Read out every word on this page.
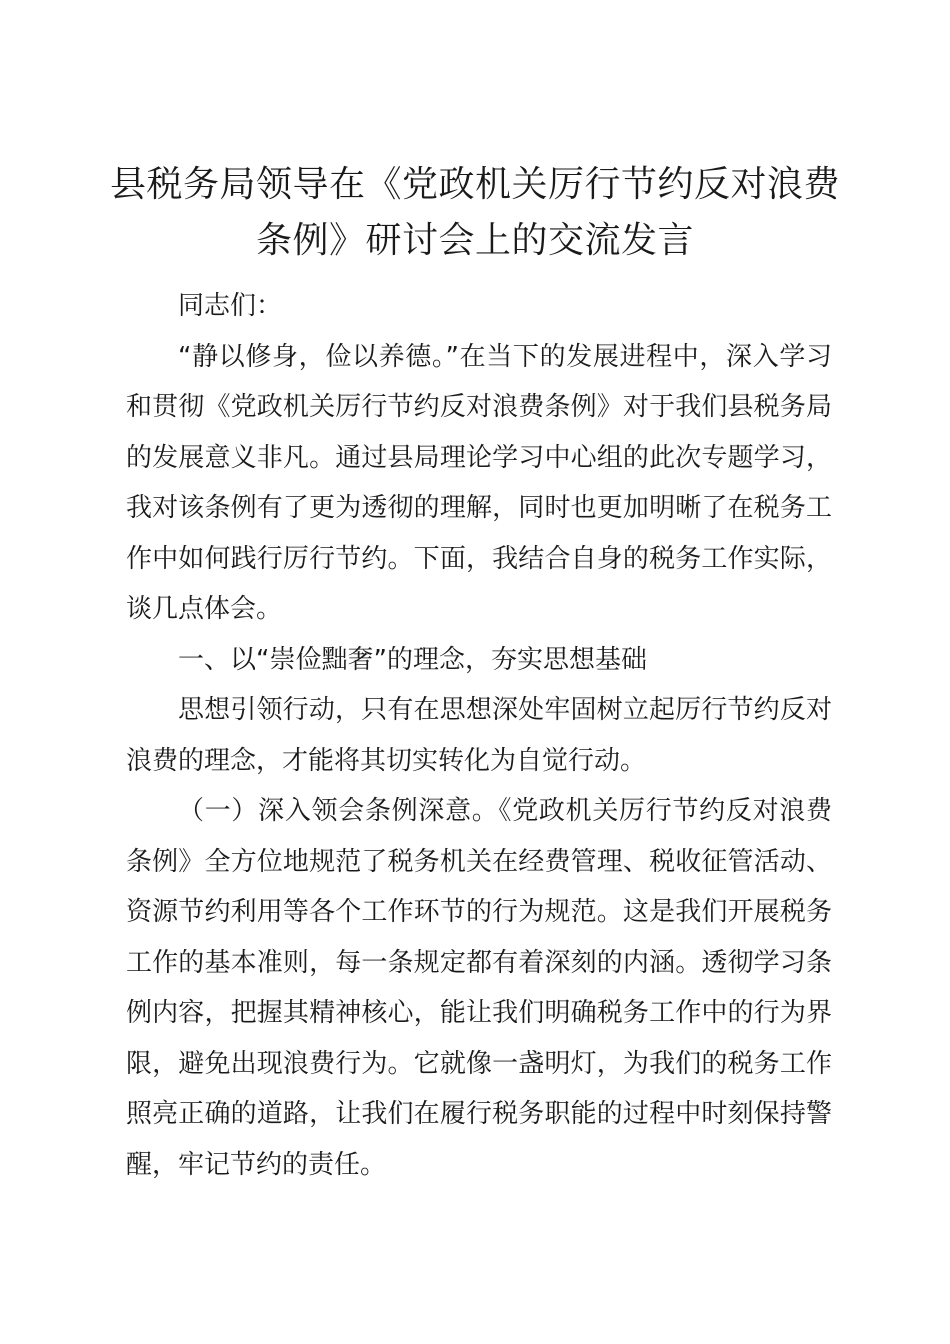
县税务局领导在《党政机关厉行节约反对浪费
条例》研讨会上的交流发言

同志们：

“静以修身，俭以养德。”在当下的发展进程中，深入学习和贯彻《党政机关厉行节约反对浪费条例》对于我们县税务局的发展意义非凡。通过县局理论学习中心组的此次专题学习，我对该条例有了更为透彻的理解，同时也更加明晰了在税务工作中如何践行厉行节约。下面，我结合自身的税务工作实际，谈几点体会。

一、以“崇俭黜奢”的理念，夯实思想基础

思想引领行动，只有在思想深处牢固树立起厉行节约反对浪费的理念，才能将其切实转化为自觉行动。

（一）深入领会条例深意。《党政机关厉行节约反对浪费条例》全方位地规范了税务机关在经费管理、税收征管活动、资源节约利用等各个工作环节的行为规范。这是我们开展税务工作的基本准则，每一条规定都有着深刻的内涵。透彻学习条例内容，把握其精神核心，能让我们明确税务工作中的行为界限，避免出现浪费行为。它就像一盏明灯，为我们的税务工作照亮正确的道路，让我们在履行税务职能的过程中时刻保持警醒，牢记节约的责任。
